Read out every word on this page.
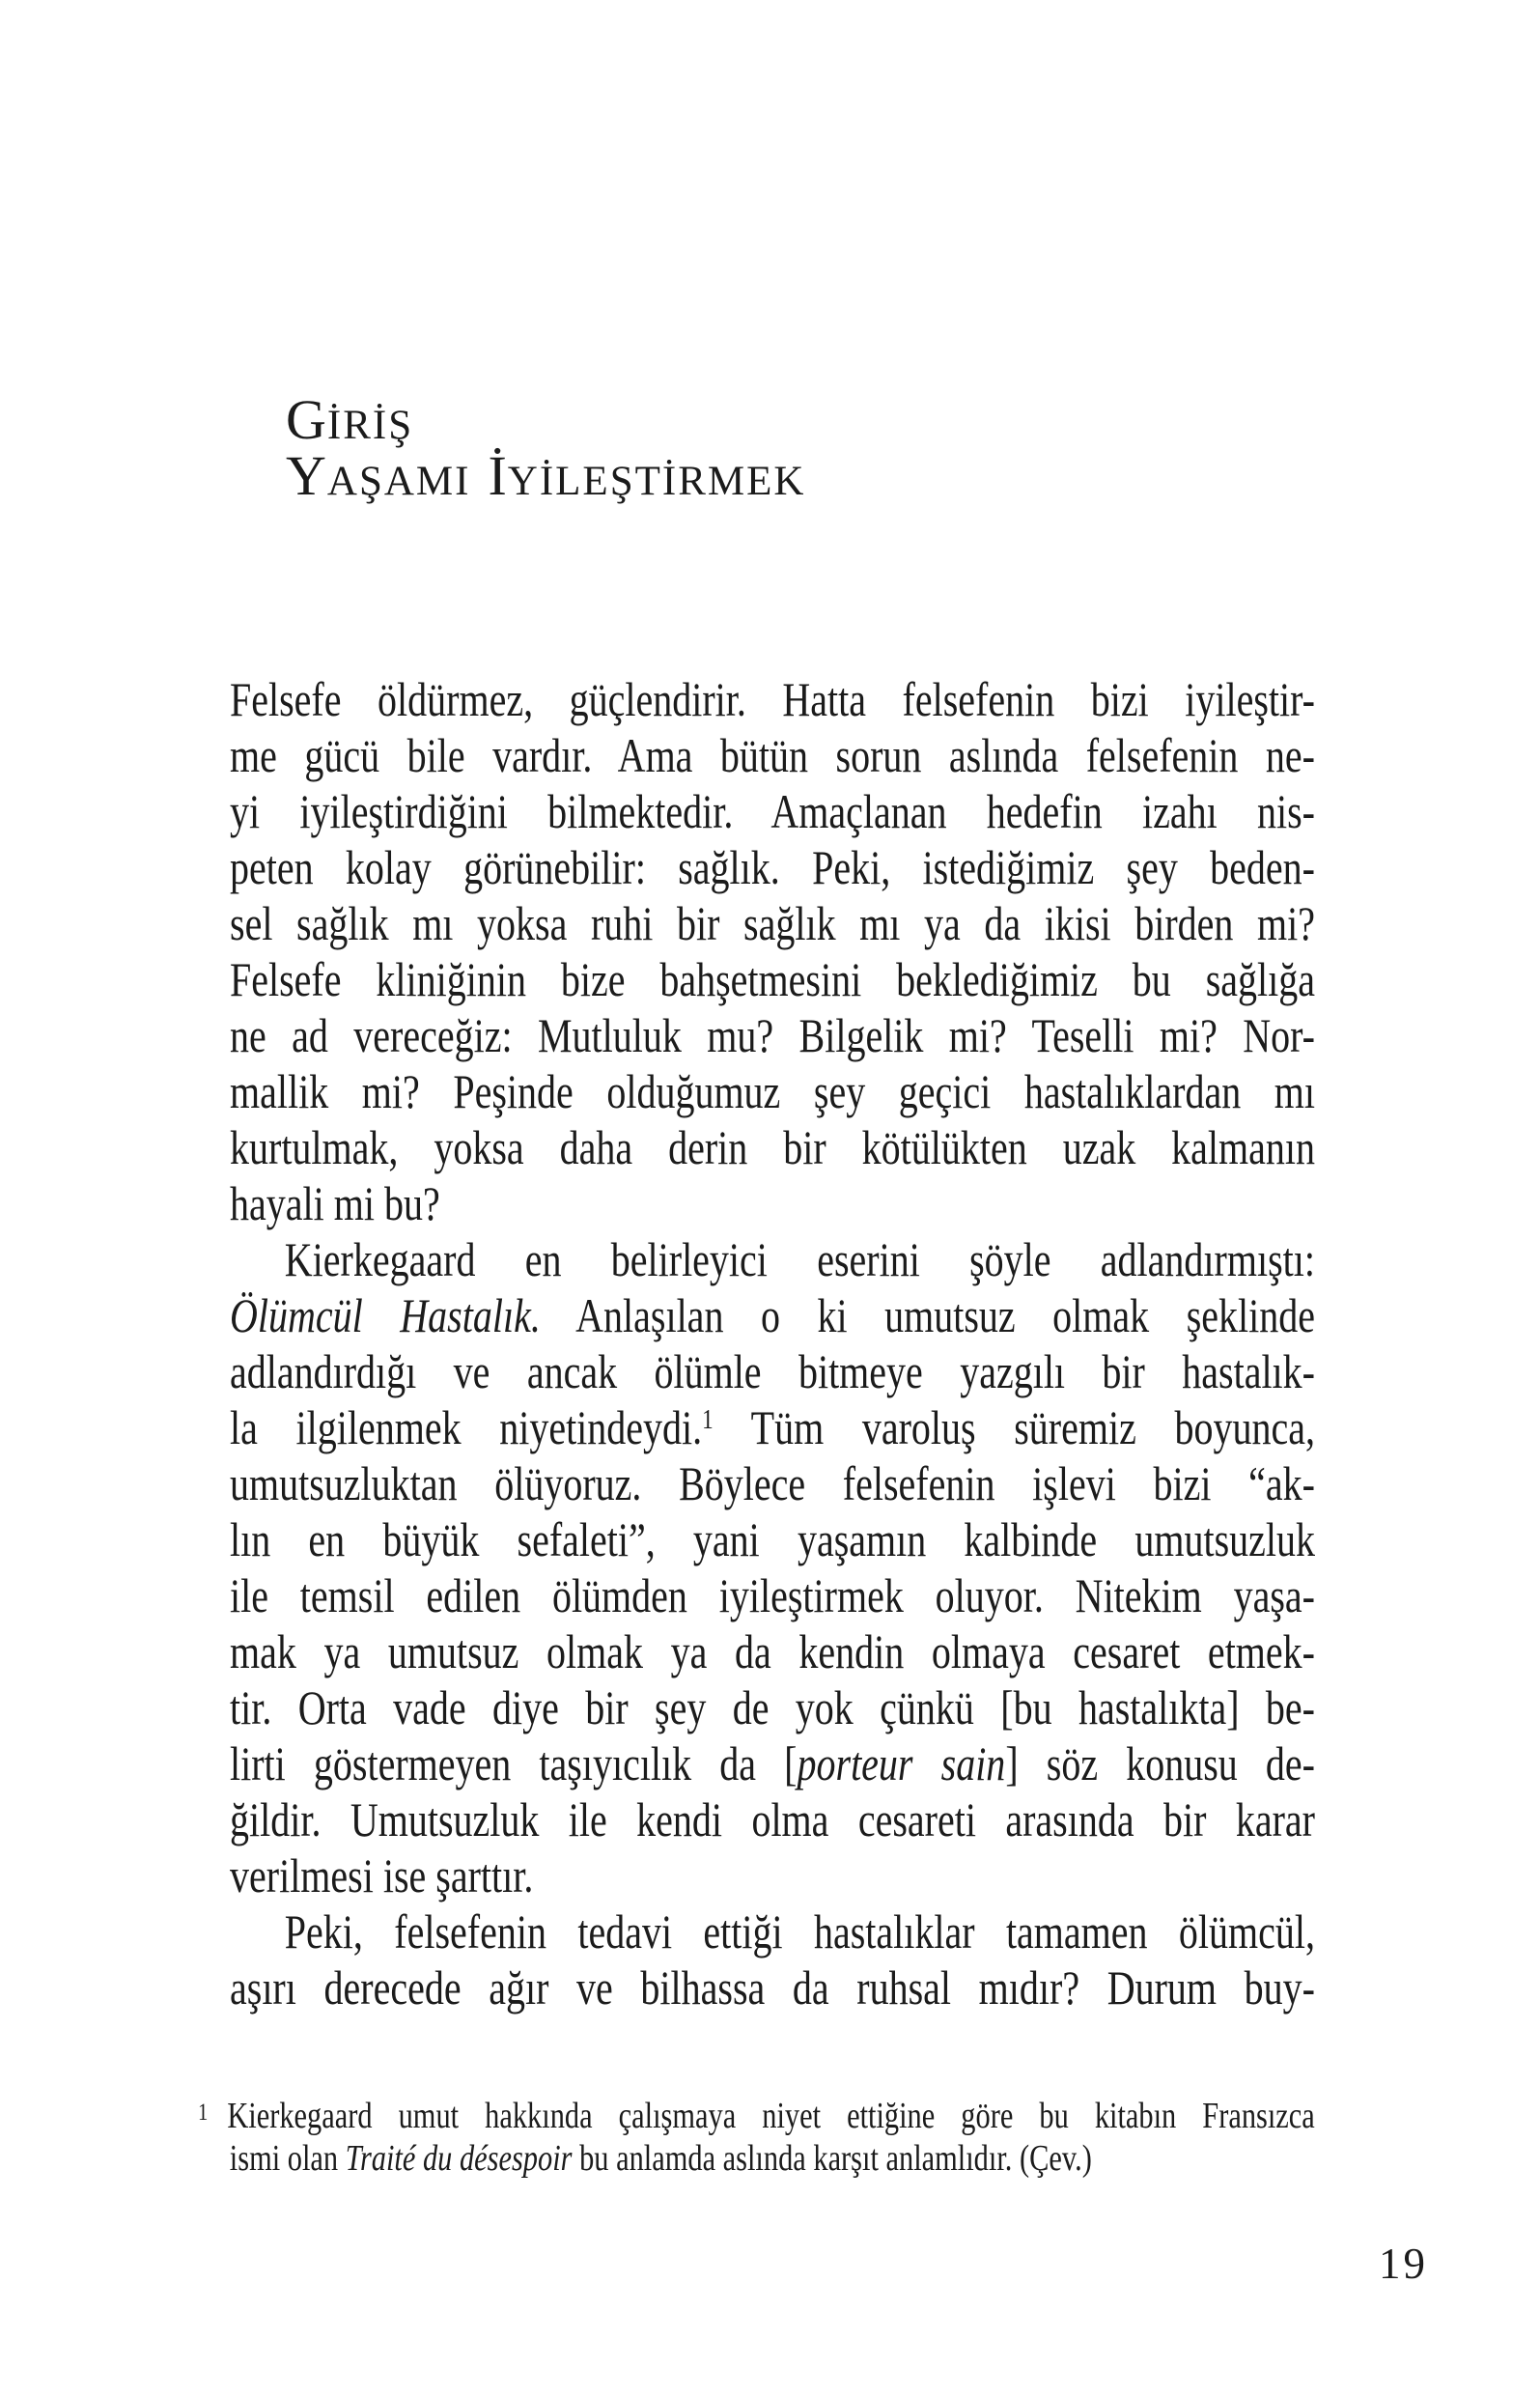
GİRİŞ
YAŞAMI İYİLEŞTİRMEK
Felsefe öldürmez, güçlendirir. Hatta felsefenin bizi iyileştir-
me gücü bile vardır. Ama bütün sorun aslında felsefenin ne-
yi iyileştirdiğini bilmektedir. Amaçlanan hedefin izahı nis-
peten kolay görünebilir: sağlık. Peki, istediğimiz şey beden-
sel sağlık mı yoksa ruhi bir sağlık mı ya da ikisi birden mi?
Felsefe kliniğinin bize bahşetmesini beklediğimiz bu sağlığa
ne ad vereceğiz: Mutluluk mu? Bilgelik mi? Teselli mi? Nor-
mallik mi? Peşinde olduğumuz şey geçici hastalıklardan mı
kurtulmak, yoksa daha derin bir kötülükten uzak kalmanın
hayali mi bu?
Kierkegaard en belirleyici eserini şöyle adlandırmıştı:
Ölümcül Hastalık. Anlaşılan o ki umutsuz olmak şeklinde
adlandırdığı ve ancak ölümle bitmeye yazgılı bir hastalık-
la ilgilenmek niyetindeydi.$^1$ Tüm varoluş süremiz boyunca,
umutsuzluktan ölüyoruz. Böylece felsefenin işlevi bizi “ak-
lın en büyük sefaleti”, yani yaşamın kalbinde umutsuzluk
ile temsil edilen ölümden iyileştirmek oluyor. Nitekim yaşa-
mak ya umutsuz olmak ya da kendin olmaya cesaret etmek-
tir. Orta vade diye bir şey de yok çünkü [bu hastalıkta] be-
lirti göstermeyen taşıyıcılık da [porteur sain] söz konusu de-
ğildir. Umutsuzluk ile kendi olma cesareti arasında bir karar
verilmesi ise şarttır.
Peki, felsefenin tedavi ettiği hastalıklar tamamen ölümcül,
aşırı derecede ağır ve bilhassa da ruhsal mıdır? Durum buy-
$^1$ Kierkegaard umut hakkında çalışmaya niyet ettiğine göre bu kitabın Fransızca
ismi olan Traité du désespoir bu anlamda aslında karşıt anlamlıdır. (Çev.)
19
